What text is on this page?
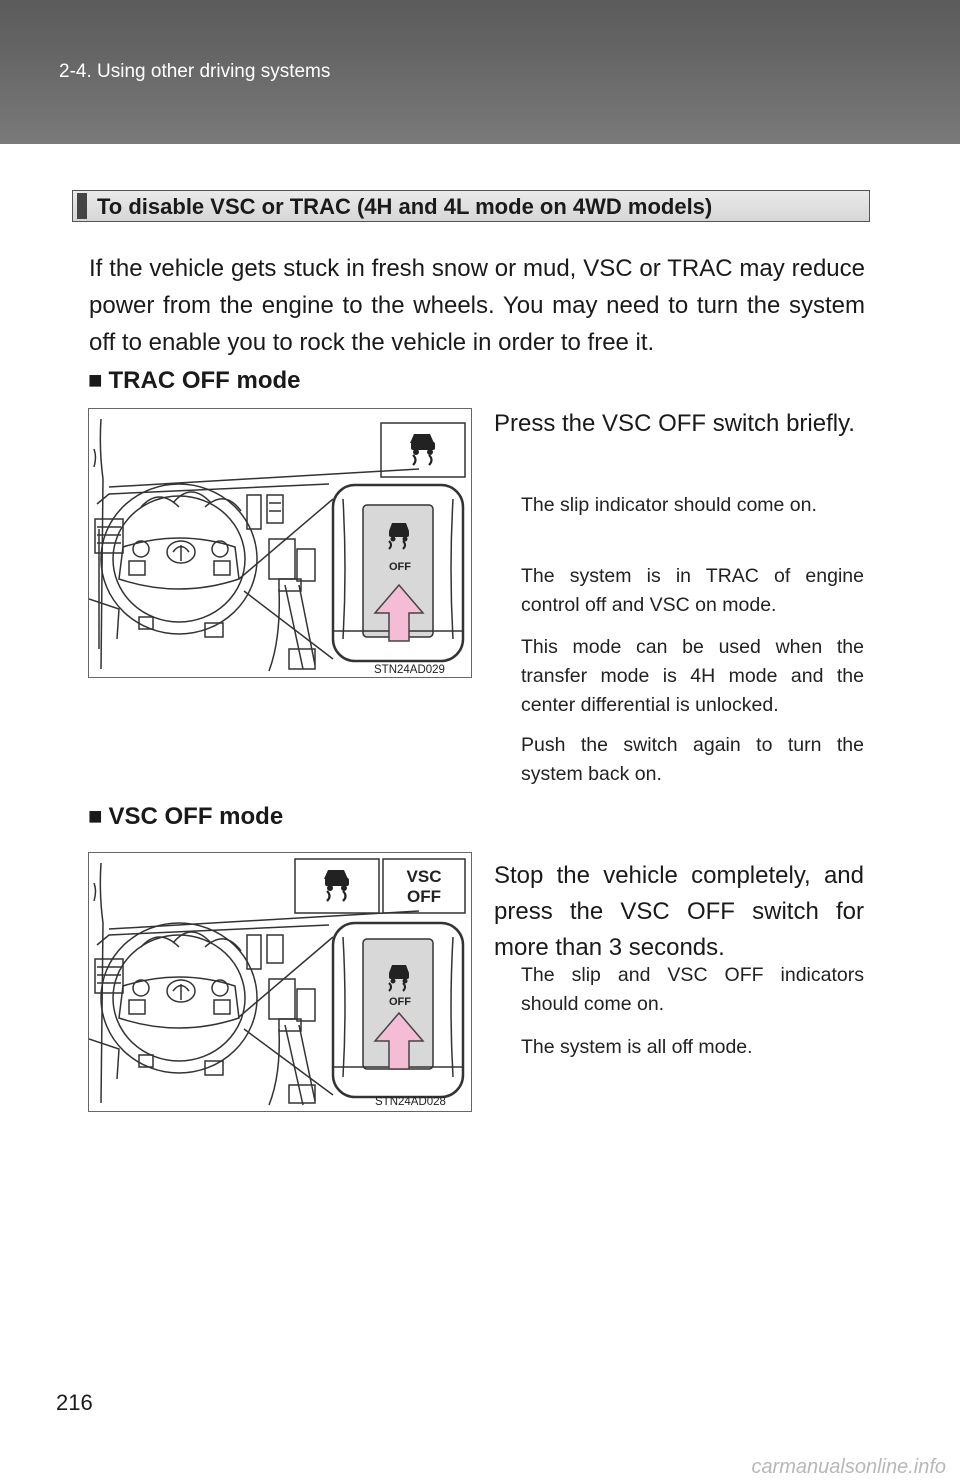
2-4. Using other driving systems
To disable VSC or TRAC (4H and 4L mode on 4WD models)
If the vehicle gets stuck in fresh snow or mud, VSC or TRAC may reduce power from the engine to the wheels. You may need to turn the system off to enable you to rock the vehicle in order to free it.
■ TRAC OFF mode
OFF
STN24AD029
Press the VSC OFF switch briefly.
The slip indicator should come on.
The system is in TRAC of engine control off and VSC on mode.
This mode can be used when the transfer mode is 4H mode and the center differential is unlocked.
Push the switch again to turn the system back on.
■ VSC OFF mode
OFF
VSC
OFF
STN24AD028
Stop the vehicle completely, and press the VSC OFF switch for more than 3 seconds.
The slip and VSC OFF indicators should come on.
The system is all off mode.
216
carmanualsonline.info
